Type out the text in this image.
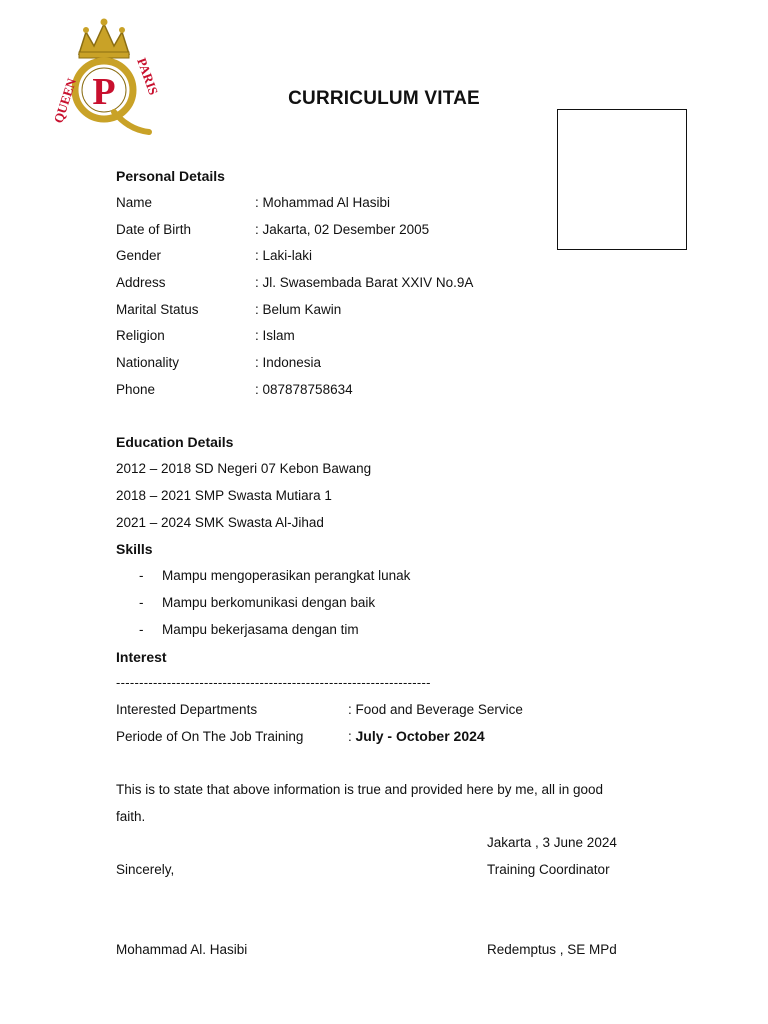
P
QUEEN	PARIS
CURRICULUM VITAE
Personal Details
Name	: Mohammad Al Hasibi
Date of Birth	: Jakarta, 02 Desember 2005
Gender	: Laki-laki
Address	: Jl. Swasembada Barat XXIV No.9A
Marital Status	: Belum Kawin
Religion	: Islam
Nationality	: Indonesia
Phone	: 087878758634
Education Details
2012 – 2018 SD Negeri 07 Kebon Bawang
2018 – 2021 SMP Swasta Mutiara 1
2021 – 2024 SMK Swasta Al-Jihad
Skills
- Mampu mengoperasikan perangkat lunak
- Mampu berkomunikasi dengan baik
- Mampu bekerjasama dengan tim
Interest
--------------------------------------------------------------------
Interested Departments	: Food and Beverage Service
Periode of On The Job Training	: July - October 2024
This is to state that above information is true and provided here by me, all in good
faith.
Jakarta , 3 June 2024
Sincerely,	Training Coordinator
Mohammad Al. Hasibi	Redemptus , SE MPd
